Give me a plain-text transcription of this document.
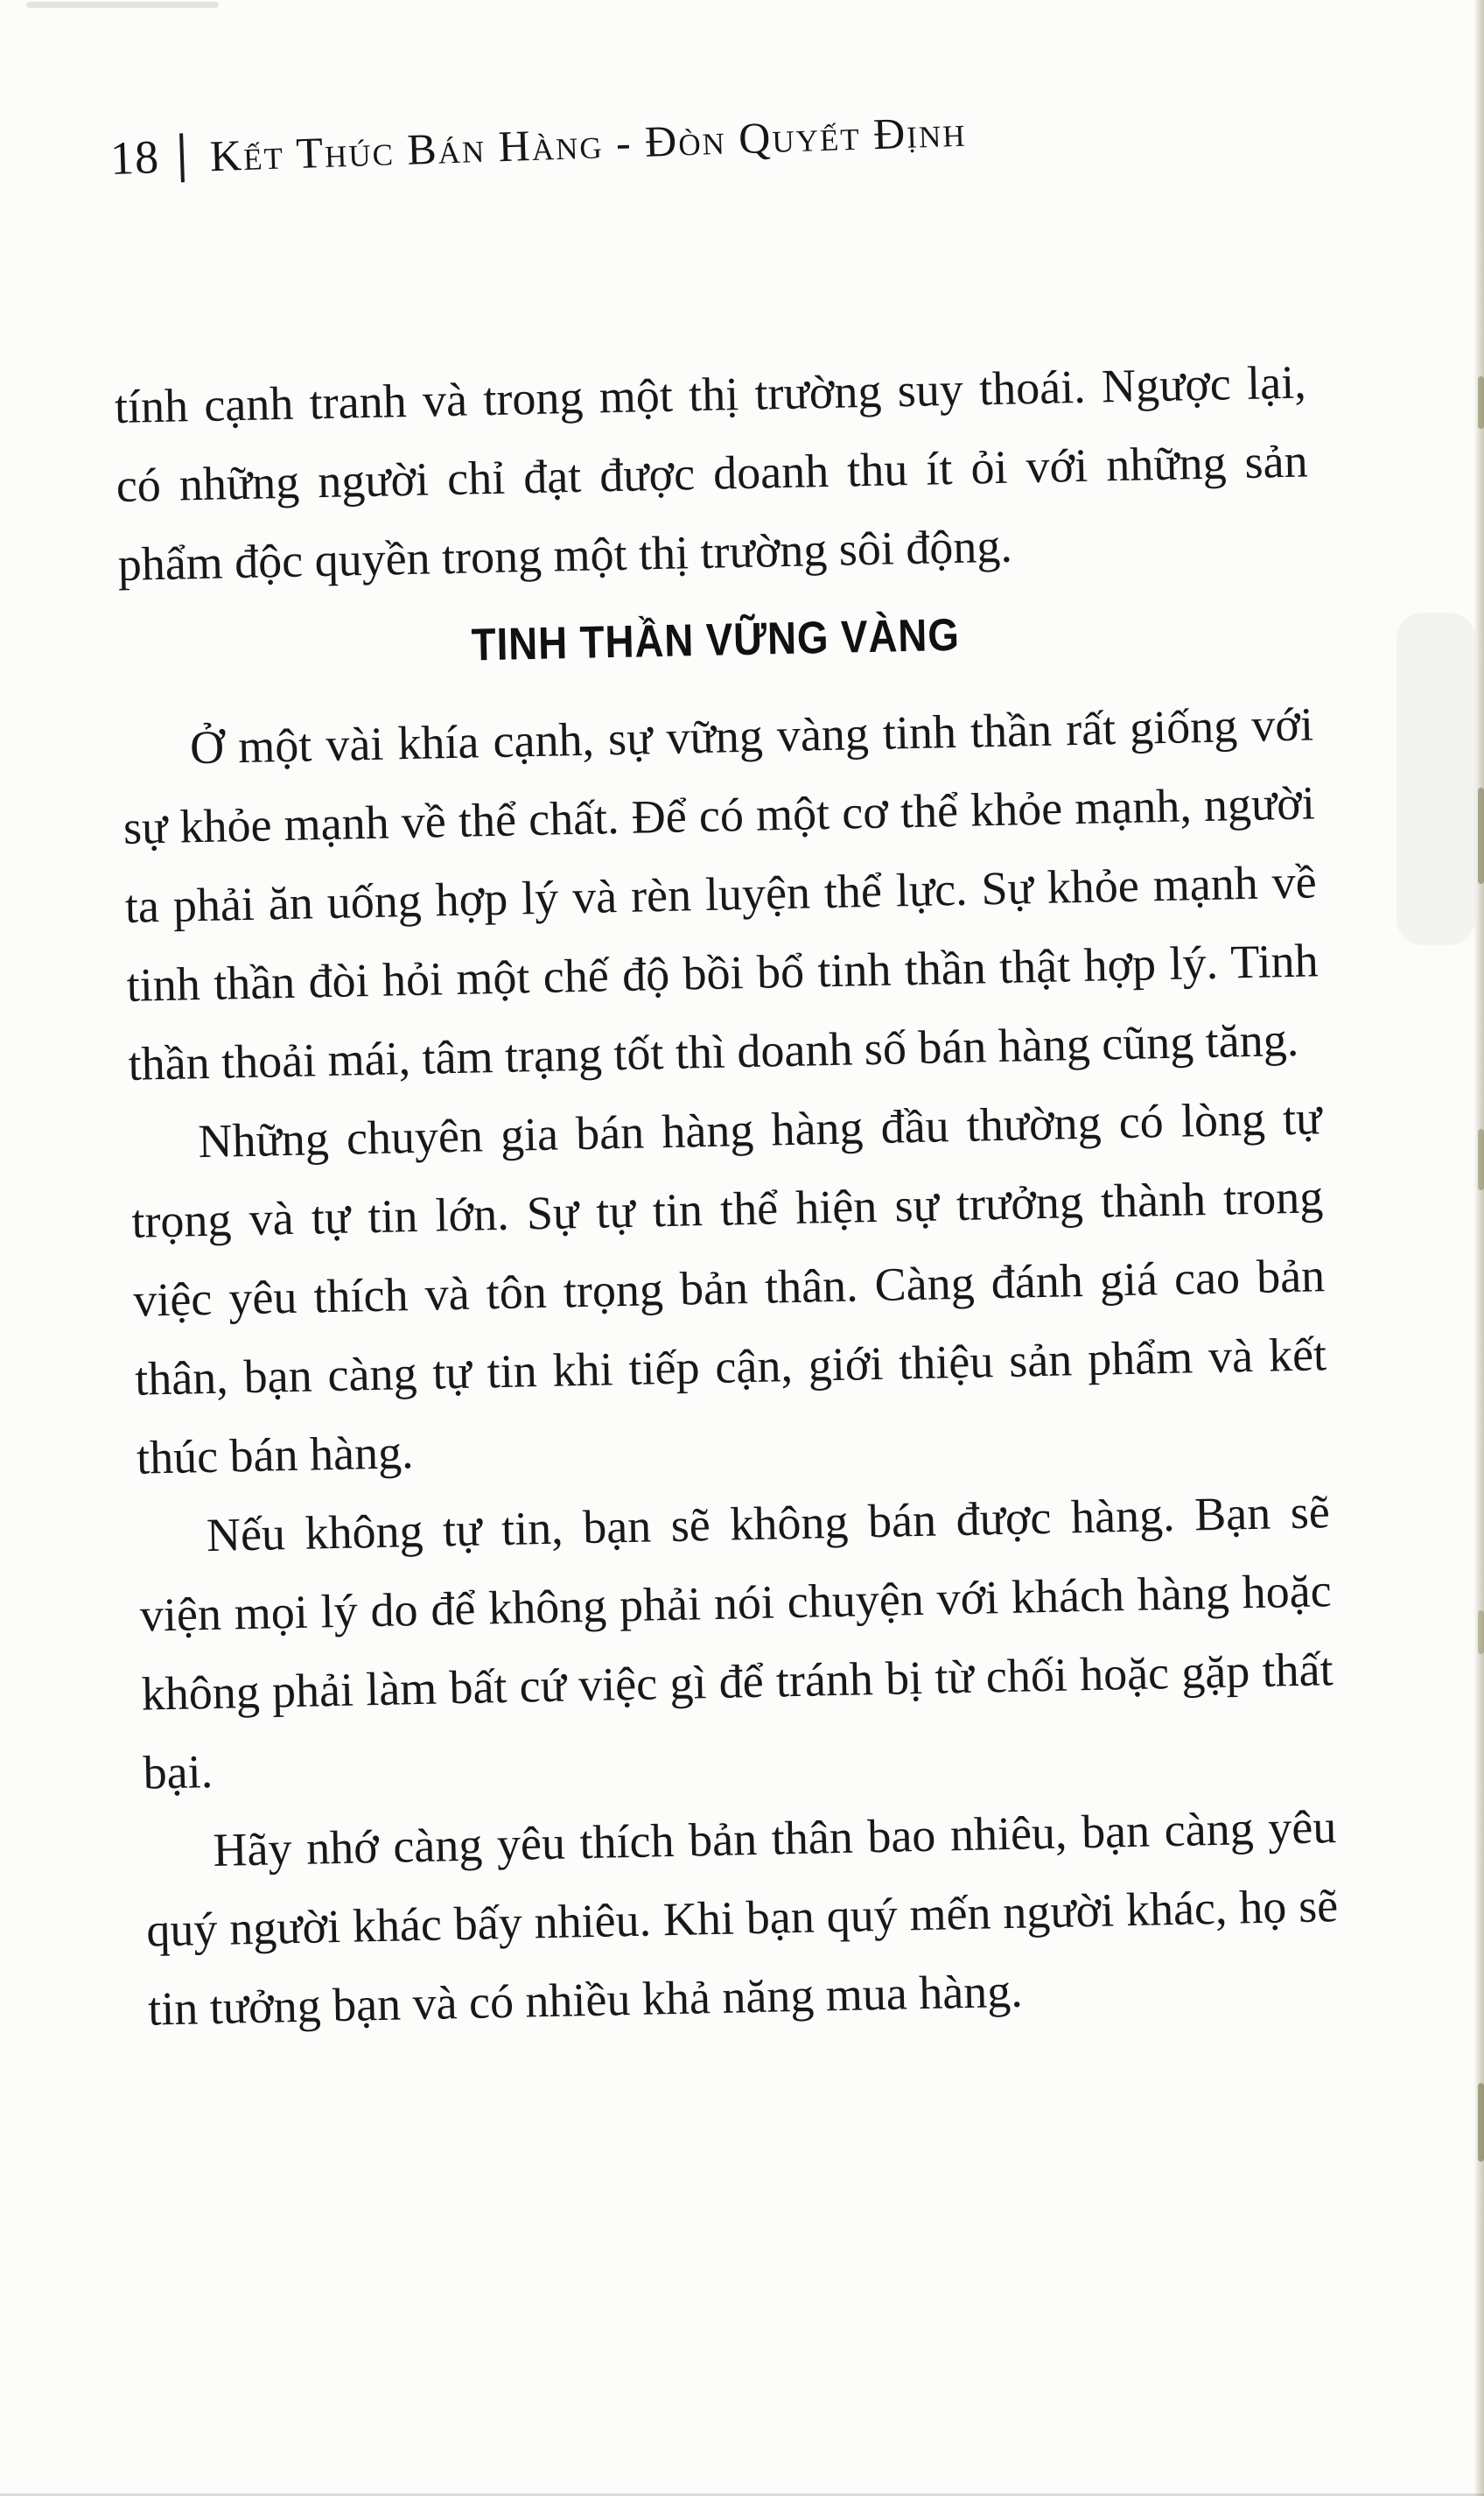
18 Kết Thúc Bán Hàng - Đòn Quyết Định

tính cạnh tranh và trong một thị trường suy thoái. Ngược lại, có những người chỉ đạt được doanh thu ít ỏi với những sản phẩm độc quyền trong một thị trường sôi động.

TINH THẦN VỮNG VÀNG

Ở một vài khía cạnh, sự vững vàng tinh thần rất giống với sự khỏe mạnh về thể chất. Để có một cơ thể khỏe mạnh, người ta phải ăn uống hợp lý và rèn luyện thể lực. Sự khỏe mạnh về tinh thần đòi hỏi một chế độ bồi bổ tinh thần thật hợp lý. Tinh thần thoải mái, tâm trạng tốt thì doanh số bán hàng cũng tăng.

Những chuyên gia bán hàng hàng đầu thường có lòng tự trọng và tự tin lớn. Sự tự tin thể hiện sự trưởng thành trong việc yêu thích và tôn trọng bản thân. Càng đánh giá cao bản thân, bạn càng tự tin khi tiếp cận, giới thiệu sản phẩm và kết thúc bán hàng.

Nếu không tự tin, bạn sẽ không bán được hàng. Bạn sẽ viện mọi lý do để không phải nói chuyện với khách hàng hoặc không phải làm bất cứ việc gì để tránh bị từ chối hoặc gặp thất bại.

Hãy nhớ càng yêu thích bản thân bao nhiêu, bạn càng yêu quý người khác bấy nhiêu. Khi bạn quý mến người khác, họ sẽ tin tưởng bạn và có nhiều khả năng mua hàng.
